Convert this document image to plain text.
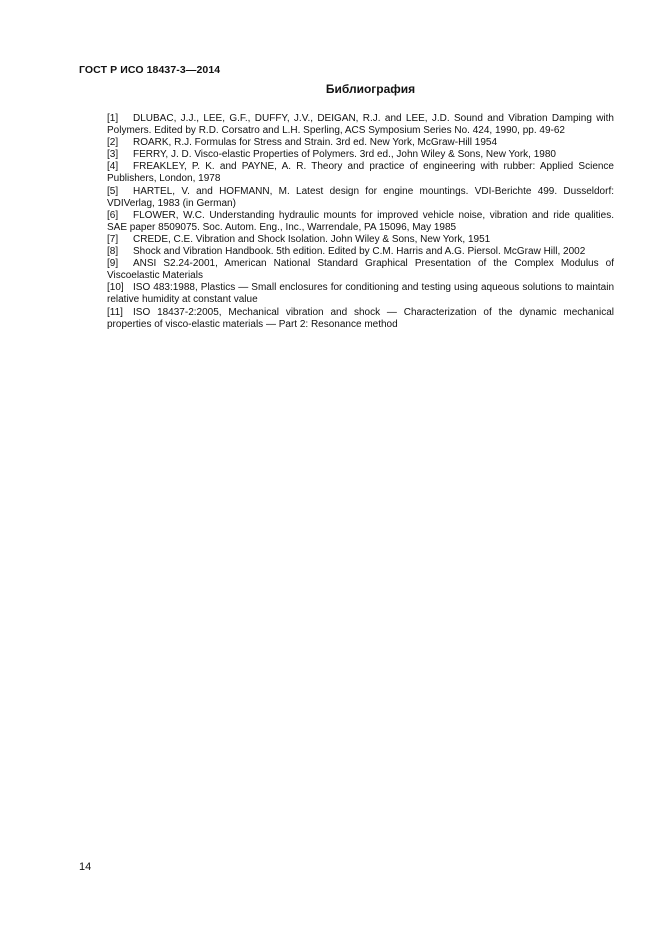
ГОСТ Р ИСО 18437-3—2014
Библиография
[1] DLUBAC, J.J., LEE, G.F., DUFFY, J.V., DEIGAN, R.J. and LEE, J.D. Sound and Vibration Damping with Polymers. Edited by R.D. Corsatro and L.H. Sperling, ACS Symposium Series No. 424, 1990, pp. 49-62
[2] ROARK, R.J. Formulas for Stress and Strain. 3rd ed. New York, McGraw-Hill 1954
[3] FERRY, J. D. Visco-elastic Properties of Polymers. 3rd ed., John Wiley & Sons, New York, 1980
[4] FREAKLEY, P. K. and PAYNE, A. R. Theory and practice of engineering with rubber: Applied Science Publishers, London, 1978
[5] HARTEL, V. and HOFMANN, M. Latest design for engine mountings. VDI-Berichte 499. Dusseldorf: VDIVerlag, 1983 (in German)
[6] FLOWER, W.C. Understanding hydraulic mounts for improved vehicle noise, vibration and ride qualities. SAE paper 8509075. Soc. Autom. Eng., Inc., Warrendale, PA 15096, May 1985
[7] CREDE, C.E. Vibration and Shock Isolation. John Wiley & Sons, New York, 1951
[8] Shock and Vibration Handbook. 5th edition. Edited by C.M. Harris and A.G. Piersol. McGraw Hill, 2002
[9] ANSI S2.24-2001, American National Standard Graphical Presentation of the Complex Modulus of Viscoelastic Materials
[10] ISO 483:1988, Plastics — Small enclosures for conditioning and testing using aqueous solutions to maintain relative humidity at constant value
[11] ISO 18437-2:2005, Mechanical vibration and shock — Characterization of the dynamic mechanical properties of visco-elastic materials — Part 2: Resonance method
14
